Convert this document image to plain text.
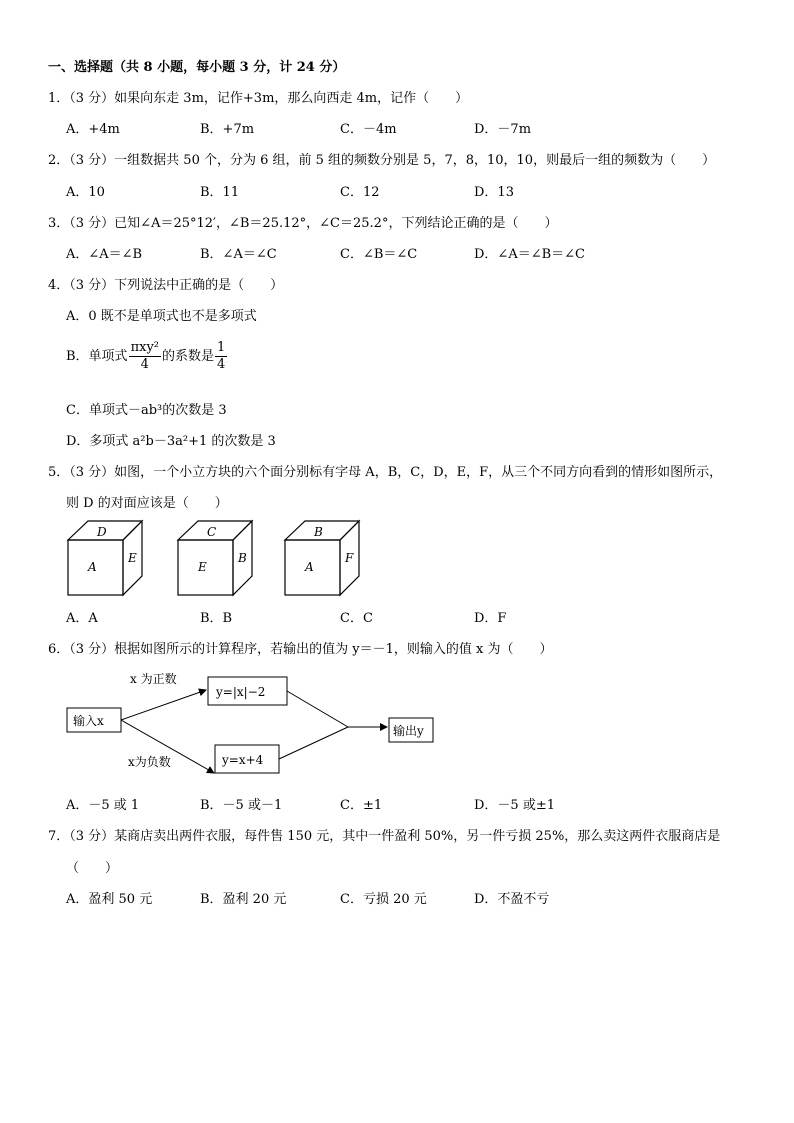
一、选择题（共 8 小题，每小题 3 分，计 24 分）
1．（3 分）如果向东走 3m，记作+3m，那么向西走 4m，记作（　　）
A．+4m	B．+7m	C．－4m	D．－7m
2．（3 分）一组数据共 50 个，分为 6 组，前 5 组的频数分别是 5，7，8，10，10，则最后一组的频数为（　　）
A．10	B．11	C．12	D．13
3．（3 分）已知∠A＝25°12′，∠B＝25.12°，∠C＝25.2°，下列结论正确的是（　　）
A．∠A＝∠B	B．∠A＝∠C	C．∠B＝∠C	D．∠A＝∠B＝∠C
4．（3 分）下列说法中正确的是（　　）
A．0 既不是单项式也不是多项式
B．单项式 $\frac{\text{πxy²}}{4}$ 的系数是 $\frac{1}{4}$
C．单项式－ab³的次数是 3
D．多项式 a²b－3a²+1 的次数是 3
5．（3 分）如图，一个小立方块的六个面分别标有字母 A，B，C，D，E，F，从三个不同方向看到的情形如图所示，
则 D 的对面应该是（　　）
D
A
E
C
E
B
B
A
F
A．A	B．B	C．C	D．F
6．（3 分）根据如图所示的计算程序，若输出的值为 y＝－1，则输入的值 x 为（　　）
输入x
x 为正数
x为负数
y=|x|−2
y=x+4
输出y
A．－5 或 1	B．－5 或－1	C．±1	D．－5 或±1
7．（3 分）某商店卖出两件衣服，每件售 150 元，其中一件盈利 50%，另一件亏损 25%，那么卖这两件衣服商店是
（　　）
A．盈利 50 元	B．盈利 20 元	C．亏损 20 元	D．不盈不亏
